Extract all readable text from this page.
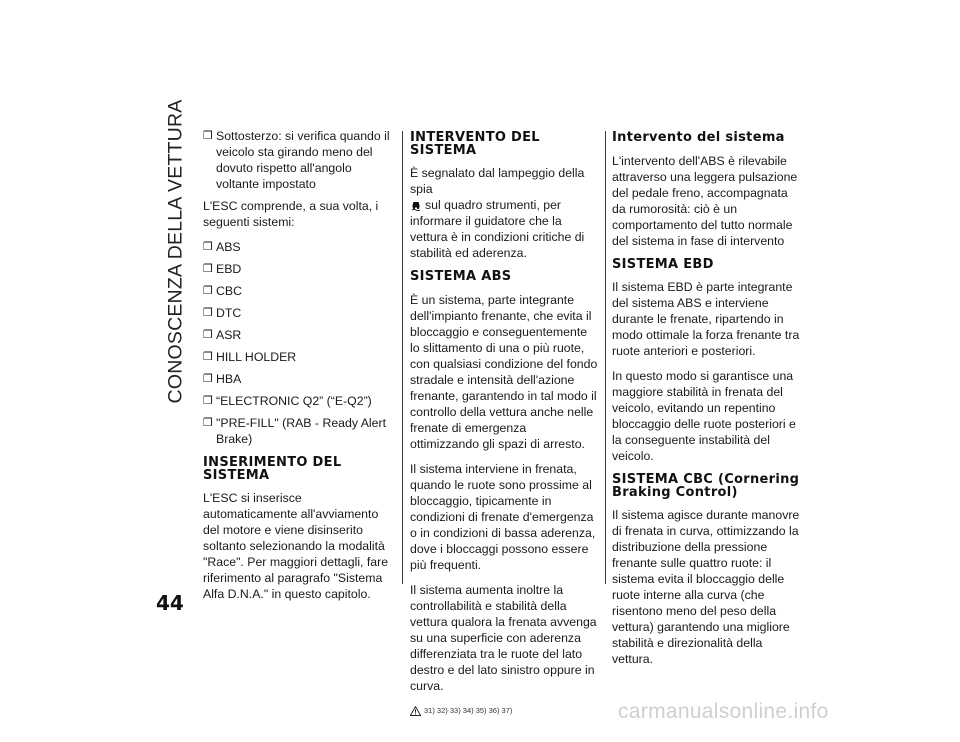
CONOSCENZA DELLA VETTURA ❒ Sottosterzo: si verifica quando il veicolo sta girando meno del dovuto rispetto all'angolo voltante impostato

L'ESC comprende, a sua volta, i seguenti sistemi:

❒ ABS
❒ EBD
❒ CBC
❒ DTC
❒ ASR
❒ HILL HOLDER
❒ HBA
❒ “ELECTRONIC Q2” (“E-Q2”)
❒ "PRE-FILL" (RAB - Ready Alert Brake)
INSERIMENTO DEL SISTEMA

L'ESC si inserisce automaticamente all'avviamento del motore e viene disinserito soltanto selezionando la modalità "Race". Per maggiori dettagli, fare riferimento al paragrafo "Sistema Alfa D.N.A." in questo capitolo.

INTERVENTO DEL SISTEMA

È segnalato dal lampeggio della spia
sul quadro strumenti, per informare il guidatore che la vettura è in condizioni critiche di stabilità ed aderenza.

SISTEMA ABS

È un sistema, parte integrante dell'impianto frenante, che evita il bloccaggio e conseguentemente lo slittamento di una o più ruote, con qualsiasi condizione del fondo stradale e intensità dell'azione frenante, garantendo in tal modo il controllo della vettura anche nelle frenate di emergenza ottimizzando gli spazi di arresto.

Il sistema interviene in frenata, quando le ruote sono prossime al bloccaggio, tipicamente in condizioni di frenate d'emergenza o in condizioni di bassa aderenza, dove i bloccaggi possono essere più frequenti.

Il sistema aumenta inoltre la controllabilità e stabilità della vettura qualora la frenata avvenga su una superficie con aderenza differenziata tra le ruote del lato destro e del lato sinistro oppure in curva.

31) 32) 33) 34) 35) 36) 37)
Intervento del sistema

L'intervento dell'ABS è rilevabile attraverso una leggera pulsazione del pedale freno, accompagnata da rumorosità: ciò è un comportamento del tutto normale del sistema in fase di intervento

SISTEMA EBD

Il sistema EBD è parte integrante del sistema ABS e interviene durante le frenate, ripartendo in modo ottimale la forza frenante tra ruote anteriori e posteriori.

In questo modo si garantisce una maggiore stabilità in frenata del veicolo, evitando un repentino bloccaggio delle ruote posteriori e la conseguente instabilità del veicolo.

SISTEMA CBC (Cornering Braking Control)

Il sistema agisce durante manovre di frenata in curva, ottimizzando la distribuzione della pressione frenante sulle quattro ruote: il sistema evita il bloccaggio delle ruote interne alla curva (che risentono meno del peso della vettura) garantendo una migliore stabilità e direzionalità della vettura.

44
carmanualsonline.info
